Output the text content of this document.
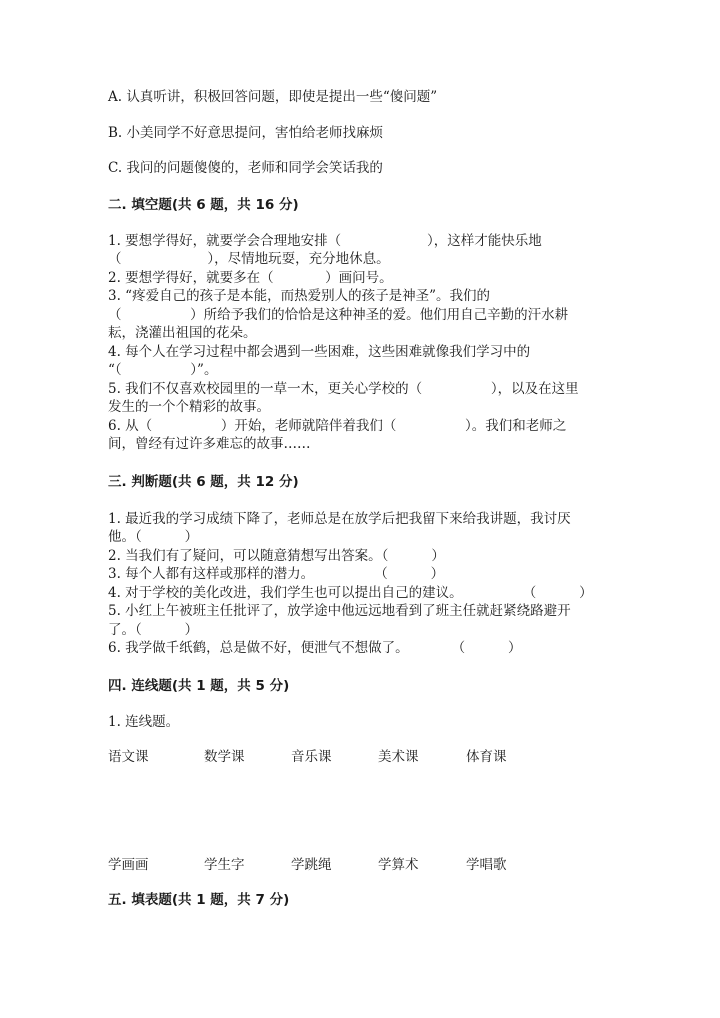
A. 认真听讲，积极回答问题，即使是提出一些“傻问题”
B. 小美同学不好意思提问，害怕给老师找麻烦
C. 我问的问题傻傻的，老师和同学会笑话我的
二. 填空题(共 6 题，共 16 分)
1. 要想学得好，就要学会合理地安排（                    ），这样才能快乐地
（                    ），尽情地玩耍，充分地休息。
2. 要想学得好，就要多在（            ）画问号。
3. “疼爱自己的孩子是本能，而热爱别人的孩子是神圣”。我们的
（                ）所给予我们的恰恰是这种神圣的爱。他们用自己辛勤的汗水耕
耘，浇灌出祖国的花朵。
4. 每个人在学习过程中都会遇到一些困难，这些困难就像我们学习中的
“（                ）”。
5. 我们不仅喜欢校园里的一草一木，更关心学校的（                ），以及在这里
发生的一个个精彩的故事。
6. 从（                ）开始，老师就陪伴着我们（                ）。我们和老师之
间，曾经有过许多难忘的故事……
三. 判断题(共 6 题，共 12 分)
1. 最近我的学习成绩下降了，老师总是在放学后把我留下来给我讲题，我讨厌
他。（          ）
2. 当我们有了疑问，可以随意猜想写出答案。（          ）
3. 每个人都有这样或那样的潜力。              （          ）
4. 对于学校的美化改进，我们学生也可以提出自己的建议。              （          ）
5. 小红上午被班主任批评了，放学途中他远远地看到了班主任就赶紧绕路避开
了。（          ）
6. 我学做千纸鹤，总是做不好，便泄气不想做了。          （          ）
四. 连线题(共 1 题，共 5 分)
1. 连线题。
语文课	数学课	音乐课	美术课	体育课
学画画	学生字	学跳绳	学算术	学唱歌
五. 填表题(共 1 题，共 7 分)
